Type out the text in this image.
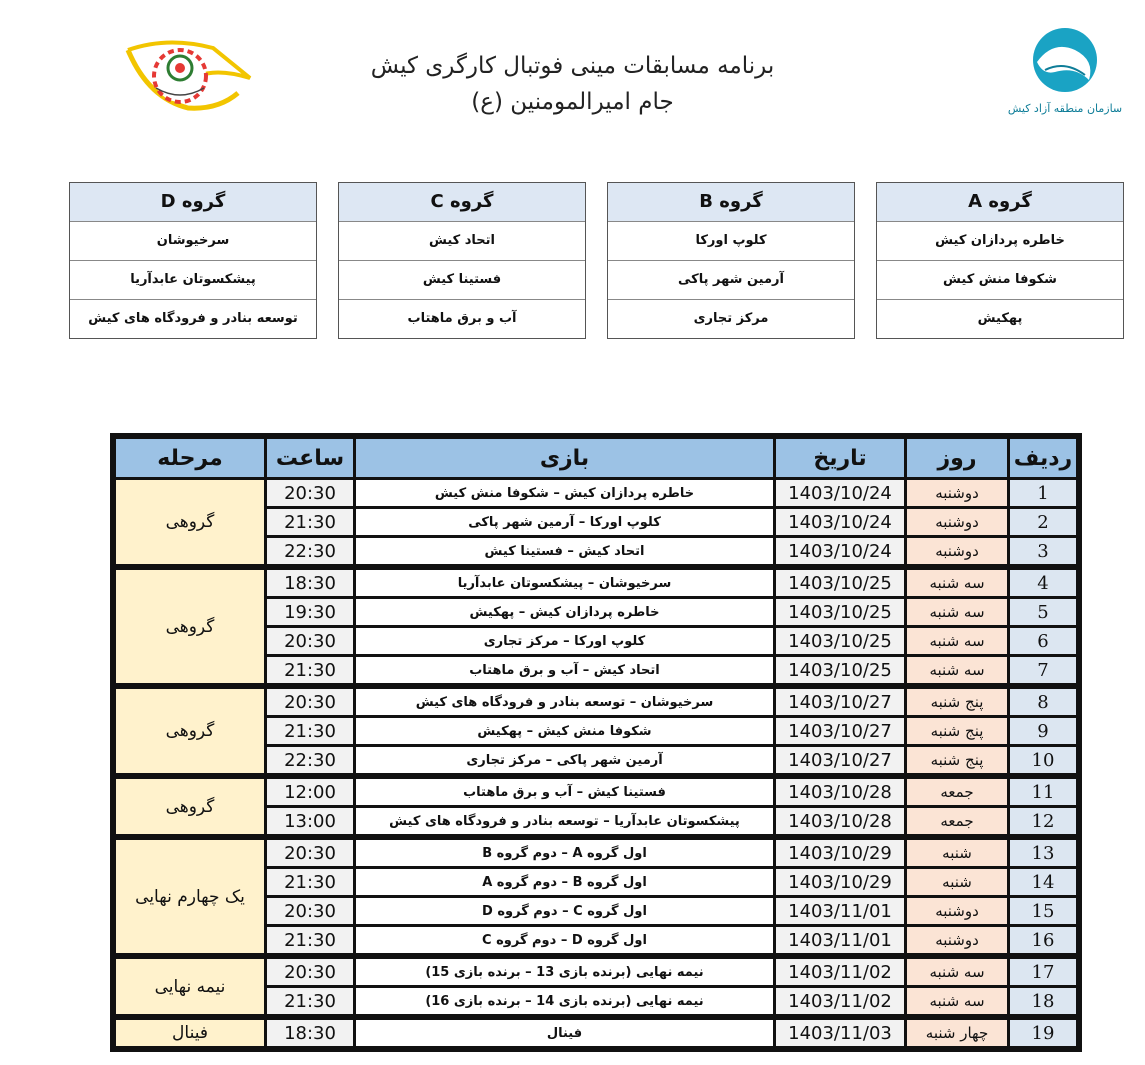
سازمان منطقه آزاد کیش
برنامه مسابقات مینی فوتبال کارگری کیش
جام امیرالمومنین (ع)
گروه A
خاطره پردازان کیش
شکوفا منش کیش
پهکیش
گروه B
کلوپ اورکا
آرمین شهر پاکی
مرکز تجاری
گروه C
اتحاد کیش
فستینا کیش
آب و برق ماهتاب
گروه D
سرخیوشان
پیشکسوتان عابدآریا
توسعه بنادر و فرودگاه های کیش
ردیف	روز	تاریخ	بازی	ساعت	مرحله
1	دوشنبه	1403/10/24	خاطره پردازان کیش – شکوفا منش کیش	20:30	گروهی
2	دوشنبه	1403/10/24	کلوپ اورکا – آرمین شهر پاکی	21:30	
3	دوشنبه	1403/10/24	اتحاد کیش – فستینا کیش	22:30	

4	سه شنبه	1403/10/25	سرخیوشان – پیشکسوتان عابدآریا	18:30	گروهی
5	سه شنبه	1403/10/25	خاطره پردازان کیش – پهکیش	19:30	
6	سه شنبه	1403/10/25	کلوپ اورکا – مرکز تجاری	20:30	
7	سه شنبه	1403/10/25	اتحاد کیش – آب و برق ماهتاب	21:30	

8	پنج شنبه	1403/10/27	سرخیوشان – توسعه بنادر و فرودگاه های کیش	20:30	گروهی
9	پنج شنبه	1403/10/27	شکوفا منش کیش – پهکیش	21:30	
10	پنج شنبه	1403/10/27	آرمین شهر پاکی – مرکز تجاری	22:30	

11	جمعه	1403/10/28	فستینا کیش – آب و برق ماهتاب	12:00	گروهی
12	جمعه	1403/10/28	پیشکسوتان عابدآریا – توسعه بنادر و فرودگاه های کیش	13:00	

13	شنبه	1403/10/29	اول گروه A – دوم گروه B	20:30	یک چهارم نهایی
14	شنبه	1403/10/29	اول گروه B – دوم گروه A	21:30	
15	دوشنبه	1403/11/01	اول گروه C – دوم گروه D	20:30	
16	دوشنبه	1403/11/01	اول گروه D – دوم گروه C	21:30	

17	سه شنبه	1403/11/02	نیمه نهایی (برنده بازی 13 – برنده بازی 15)	20:30	نیمه نهایی
18	سه شنبه	1403/11/02	نیمه نهایی (برنده بازی 14 – برنده بازی 16)	21:30	

19	چهار شنبه	1403/11/03	فینال	18:30	فینال
